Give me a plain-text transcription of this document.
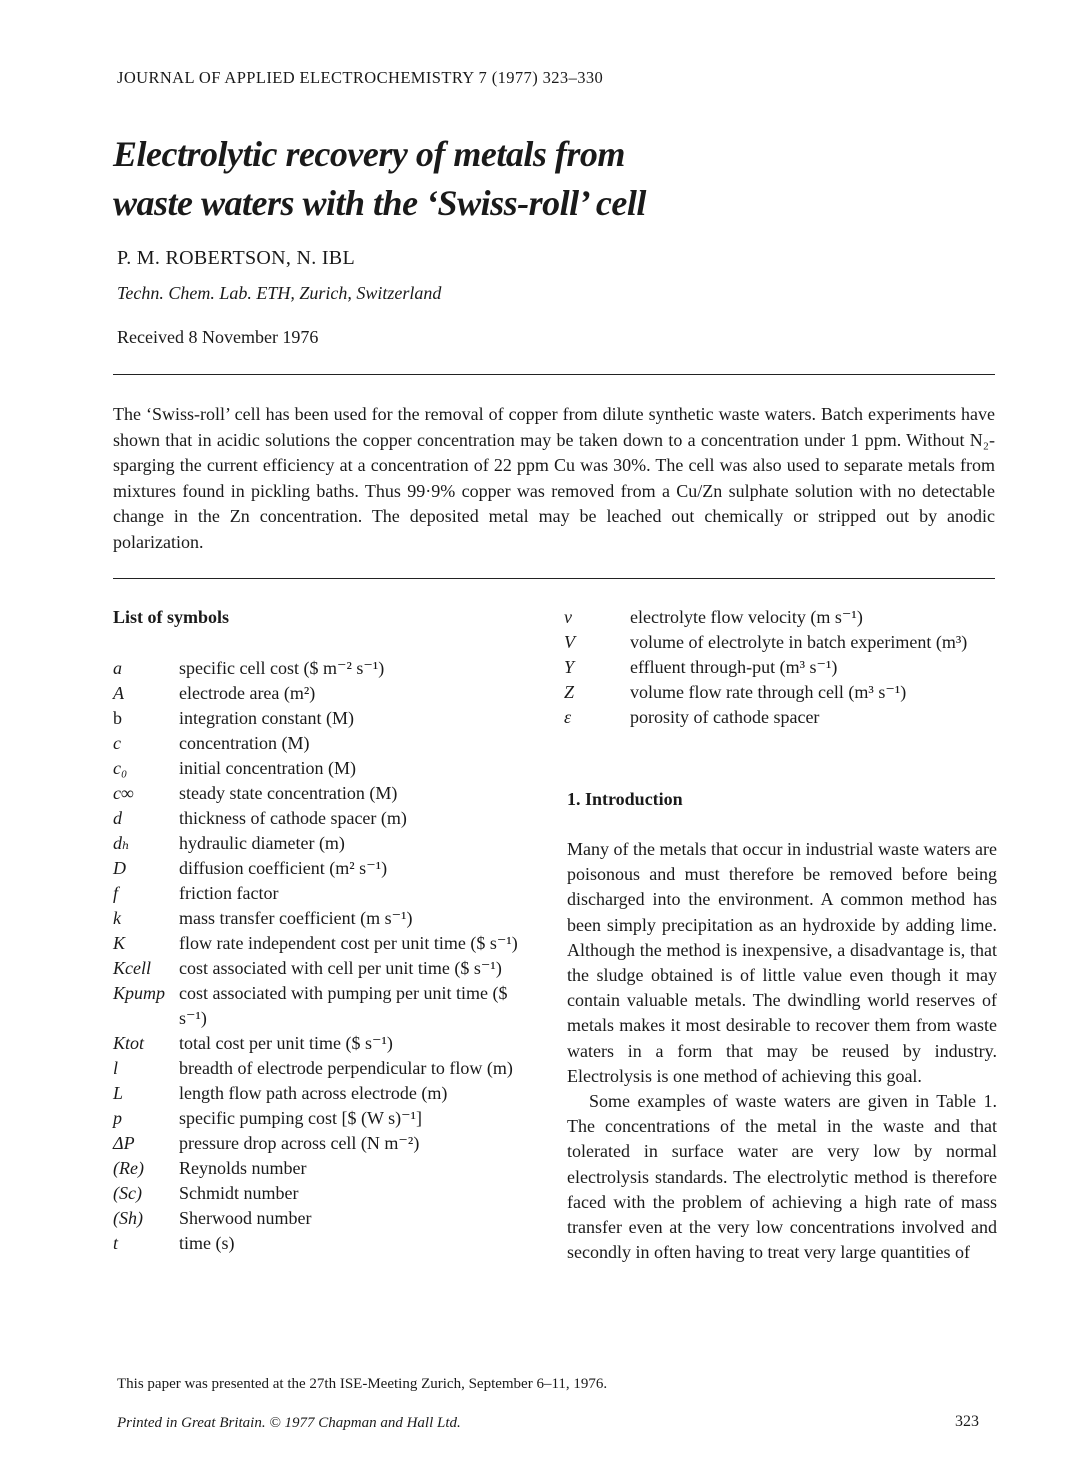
JOURNAL OF APPLIED ELECTROCHEMISTRY 7 (1977) 323–330
Electrolytic recovery of metals from
waste waters with the ‘Swiss-roll’ cell
P. M. ROBERTSON, N. IBL
Techn. Chem. Lab. ETH, Zurich, Switzerland
Received 8 November 1976

The ‘Swiss-roll’ cell has been used for the removal of copper from dilute synthetic waste waters. Batch experiments have shown that in acidic solutions the copper concentration may be taken down to a concentration under 1 ppm. Without N₂-sparging the current efficiency at a concentration of 22 ppm Cu was 30%. The cell was also used to separate metals from mixtures found in pickling baths. Thus 99·9% copper was removed from a Cu/Zn sulphate solution with no detectable change in the Zn concentration. The deposited metal may be leached out chemically or stripped out by anodic polarization.

List of symbols
a	specific cell cost ($ m⁻² s⁻¹)
A	electrode area (m²)
b	integration constant (M)
c	concentration (M)
c₀	initial concentration (M)
c∞	steady state concentration (M)
d	thickness of cathode spacer (m)
dₕ	hydraulic diameter (m)
D	diffusion coefficient (m² s⁻¹)
f	friction factor
k	mass transfer coefficient (m s⁻¹)
K	flow rate independent cost per unit time ($ s⁻¹)
Kcell	cost associated with cell per unit time ($ s⁻¹)
Kpump cost associated with pumping per unit time ($ s⁻¹)
Ktot	total cost per unit time ($ s⁻¹)
l	breadth of electrode perpendicular to flow (m)
L	length flow path across electrode (m)
p	specific pumping cost [$ (W s)⁻¹]
ΔP	pressure drop across cell (N m⁻²)
(Re)	Reynolds number
(Sc)	Schmidt number
(Sh)	Sherwood number
t	time (s)
v	electrolyte flow velocity (m s⁻¹)
V	volume of electrolyte in batch experiment (m³)
Y	effluent through-put (m³ s⁻¹)
Z	volume flow rate through cell (m³ s⁻¹)
ε	porosity of cathode spacer
1. Introduction

Many of the metals that occur in industrial waste waters are poisonous and must therefore be removed before being discharged into the environment. A common method has been simply precipitation as an hydroxide by adding lime. Although the method is inexpensive, a disadvantage is, that the sludge obtained is of little value even though it may contain valuable metals. The dwindling world reserves of metals makes it most desirable to recover them from waste waters in a form that may be reused by industry. Electrolysis is one method of achieving this goal.

Some examples of waste waters are given in Table 1. The concentrations of the metal in the waste and that tolerated in surface water are very low by normal electrolysis standards. The electrolytic method is therefore faced with the problem of achieving a high rate of mass transfer even at the very low concentrations involved and secondly in often having to treat very large quantities of

This paper was presented at the 27th ISE-Meeting Zurich, September 6–11, 1976.
Printed in Great Britain. © 1977 Chapman and Hall Ltd.	323
